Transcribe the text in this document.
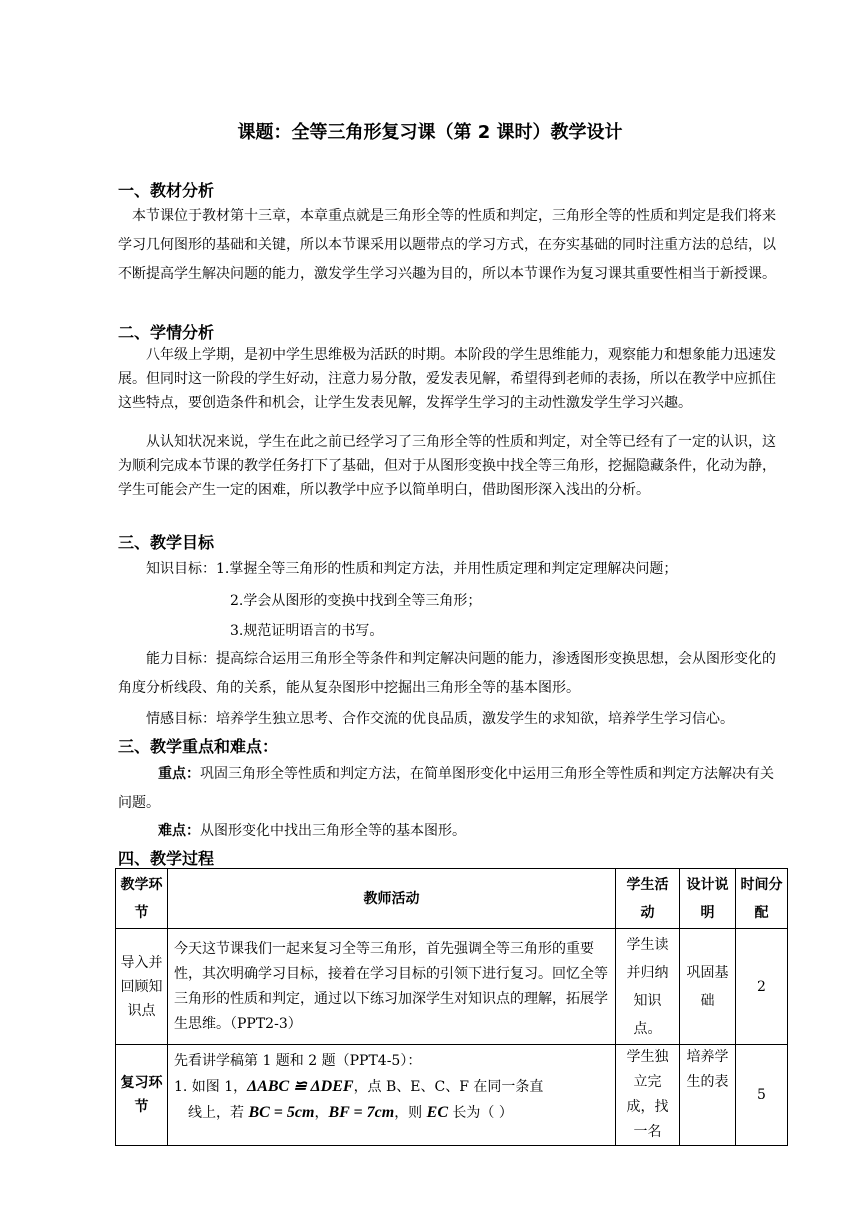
课题：全等三角形复习课（第 2 课时）教学设计
一、教材分析
本节课位于教材第十三章，本章重点就是三角形全等的性质和判定，三角形全等的性质和判定是我们将来学习几何图形的基础和关键，所以本节课采用以题带点的学习方式，在夯实基础的同时注重方法的总结，以不断提高学生解决问题的能力，激发学生学习兴趣为目的，所以本节课作为复习课其重要性相当于新授课。
二、学情分析
八年级上学期，是初中学生思维极为活跃的时期。本阶段的学生思维能力，观察能力和想象能力迅速发展。但同时这一阶段的学生好动，注意力易分散，爱发表见解，希望得到老师的表扬，所以在教学中应抓住这些特点，要创造条件和机会，让学生发表见解，发挥学生学习的主动性激发学生学习兴趣。
从认知状况来说，学生在此之前已经学习了三角形全等的性质和判定，对全等已经有了一定的认识，这为顺利完成本节课的教学任务打下了基础，但对于从图形变换中找全等三角形，挖掘隐藏条件，化动为静，学生可能会产生一定的困难，所以教学中应予以简单明白，借助图形深入浅出的分析。
三、教学目标
知识目标：1.掌握全等三角形的性质和判定方法，并用性质定理和判定定理解决问题；
2.学会从图形的变换中找到全等三角形；
3.规范证明语言的书写。
能力目标：提高综合运用三角形全等条件和判定解决问题的能力，渗透图形变换思想，会从图形变化的角度分析线段、角的关系，能从复杂图形中挖掘出三角形全等的基本图形。
情感目标：培养学生独立思考、合作交流的优良品质，激发学生的求知欲，培养学生学习信心。
三、教学重点和难点：
重点：巩固三角形全等性质和判定方法，在简单图形变化中运用三角形全等性质和判定方法解决有关问题。
难点：从图形变化中找出三角形全等的基本图形。
四、教学过程
教学环节	教师活动	学生活动	设计说明	时间分配
导入并回顾知识点	今天这节课我们一起来复习全等三角形，首先强调全等三角形的重要性，其次明确学习目标，接着在学习目标的引领下进行复习。回忆全等三角形的性质和判定，通过以下练习加深学生对知识点的理解，拓展学生思维。（PPT2-3）	学生读并归纳知识点。	巩固基础	2
复习环节	先看讲学稿第 1 题和 2 题（PPT4-5）：
1. 如图 1，ΔABC ≌ ΔDEF，点 B、E、C、F 在同一条直
线上，若 BC = 5cm，BF = 7cm，则 EC 长为（ ）	学生独立完成，找一名	培养学生的表	5
